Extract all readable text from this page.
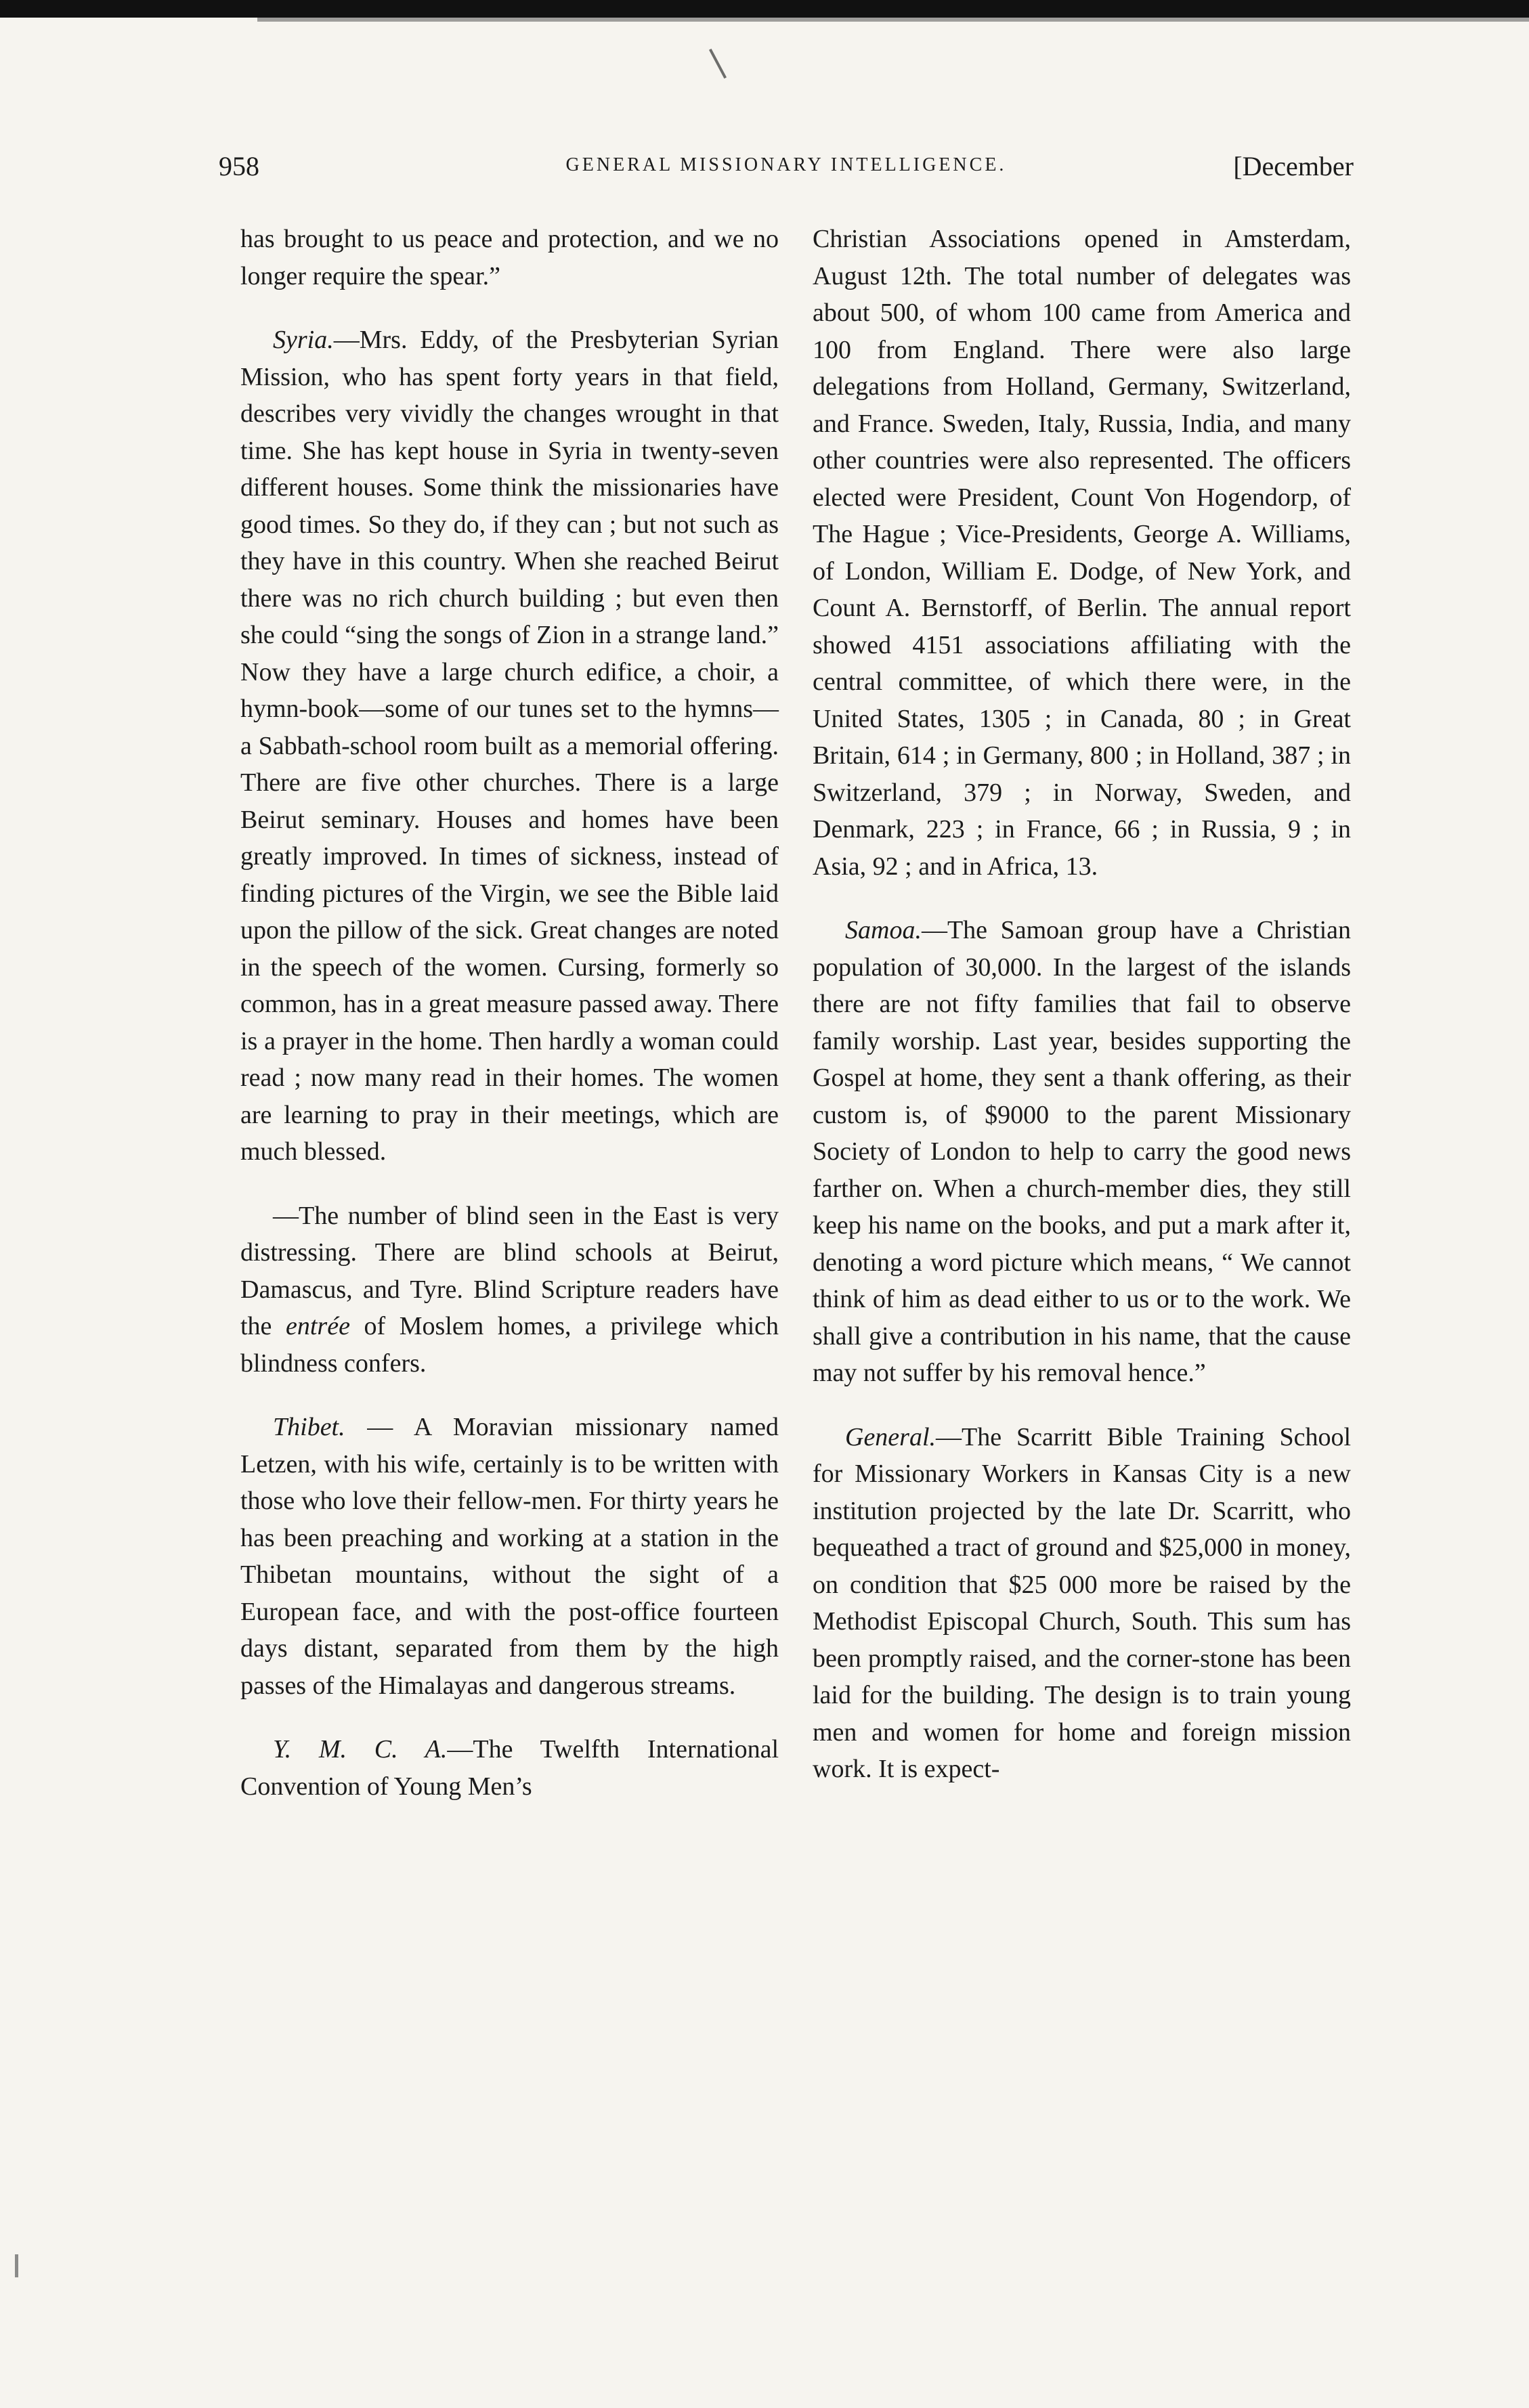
958	GENERAL MISSIONARY INTELLIGENCE.	[December

has brought to us peace and protection, and we no longer require the spear.”

Syria.—Mrs. Eddy, of the Presbyterian Syrian Mission, who has spent forty years in that field, describes very vividly the changes wrought in that time. She has kept house in Syria in twenty-seven different houses. Some think the missionaries have good times. So they do, if they can ; but not such as they have in this country. When she reached Beirut there was no rich church building ; but even then she could “sing the songs of Zion in a strange land.” Now they have a large church edifice, a choir, a hymn-book—some of our tunes set to the hymns—a Sabbath-school room built as a memorial offering. There are five other churches. There is a large Beirut seminary. Houses and homes have been greatly improved. In times of sickness, instead of finding pictures of the Virgin, we see the Bible laid upon the pillow of the sick. Great changes are noted in the speech of the women. Cursing, formerly so common, has in a great measure passed away. There is a prayer in the home. Then hardly a woman could read ; now many read in their homes. The women are learning to pray in their meetings, which are much blessed.

—The number of blind seen in the East is very distressing. There are blind schools at Beirut, Damascus, and Tyre. Blind Scripture readers have the entrée of Moslem homes, a privilege which blindness confers.

Thibet. — A Moravian missionary named Letzen, with his wife, certainly is to be written with those who love their fellow-men. For thirty years he has been preaching and working at a station in the Thibetan mountains, without the sight of a European face, and with the post-office fourteen days distant, separated from them by the high passes of the Himalayas and dangerous streams.

Y. M. C. A.—The Twelfth International Convention of Young Men’s

Christian Associations opened in Amsterdam, August 12th. The total number of delegates was about 500, of whom 100 came from America and 100 from England. There were also large delegations from Holland, Germany, Switzerland, and France. Sweden, Italy, Russia, India, and many other countries were also represented. The officers elected were President, Count Von Hogendorp, of The Hague ; Vice-Presidents, George A. Williams, of London, William E. Dodge, of New York, and Count A. Bernstorff, of Berlin. The annual report showed 4151 associations affiliating with the central committee, of which there were, in the United States, 1305 ; in Canada, 80 ; in Great Britain, 614 ; in Germany, 800 ; in Holland, 387 ; in Switzerland, 379 ; in Norway, Sweden, and Denmark, 223 ; in France, 66 ; in Russia, 9 ; in Asia, 92 ; and in Africa, 13.

Samoa.—The Samoan group have a Christian population of 30,000. In the largest of the islands there are not fifty families that fail to observe family worship. Last year, besides supporting the Gospel at home, they sent a thank offering, as their custom is, of $9000 to the parent Missionary Society of London to help to carry the good news farther on. When a church-member dies, they still keep his name on the books, and put a mark after it, denoting a word picture which means, “ We cannot think of him as dead either to us or to the work. We shall give a contribution in his name, that the cause may not suffer by his removal hence.”

General.—The Scarritt Bible Training School for Missionary Workers in Kansas City is a new institution projected by the late Dr. Scarritt, who bequeathed a tract of ground and $25,000 in money, on condition that $25 000 more be raised by the Methodist Episcopal Church, South. This sum has been promptly raised, and the corner-stone has been laid for the building. The design is to train young men and women for home and foreign mission work. It is expect-
